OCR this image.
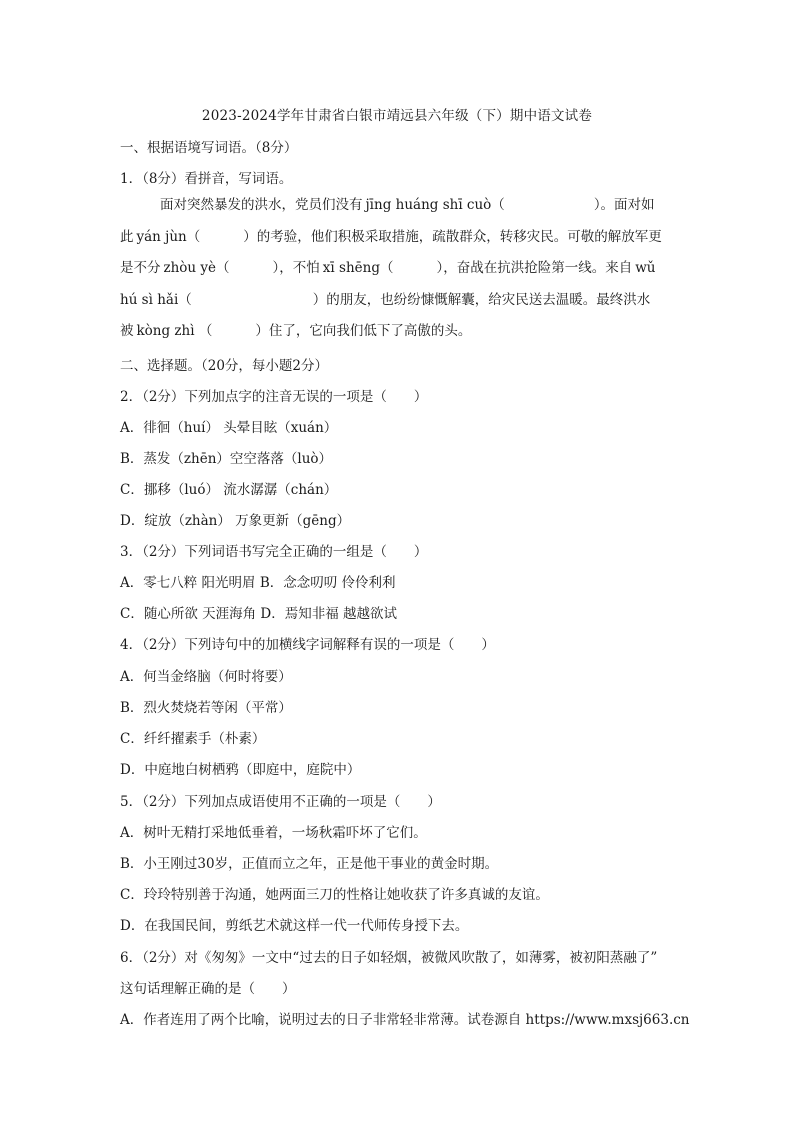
2023-2024学年甘肃省白银市靖远县六年级（下）期中语文试卷
一、根据语境写词语。（8分）
1．（8分）看拼音，写词语。
面对突然暴发的洪水，党员们没有 jīng huáng shī cuò（	）。面对如
此 yán jùn（	）的考验，他们积极采取措施，疏散群众，转移灾民。可敬的解放军更
是不分 zhòu yè（	），不怕 xī shēng（	），奋战在抗洪抢险第一线。来自 wǔ
hú sì hǎi（	）的朋友，也纷纷慷慨解囊，给灾民送去温暖。最终洪水
被 kòng zhì （	）住了，它向我们低下了高傲的头。
二、选择题。（20分，每小题2分）
2．（2分）下列加点字的注音无误的一项是（　　）
A．徘徊（huí） 头晕目眩（xuán）
B．蒸发（zhēn）空空落落（luò）
C．挪移（luó） 流水潺潺（chán）
D．绽放（zhàn） 万象更新（gēng）
3．（2分）下列词语书写完全正确的一组是（　　）
A．零七八粹 阳光明眉 B．念念叨叨 伶伶利利
C．随心所欲 天涯海角 D．焉知非福 越越欲试
4．（2分）下列诗句中的加横线字词解释有误的一项是（　　）
A．何当金络脑（何时将要）
B．烈火焚烧若等闲（平常）
C．纤纤擢素手（朴素）
D．中庭地白树栖鸦（即庭中，庭院中）
5．（2分）下列加点成语使用不正确的一项是（　　）
A．树叶无精打采地低垂着，一场秋霜吓坏了它们。
B．小王刚过30岁，正值而立之年，正是他干事业的黄金时期。
C．玲玲特别善于沟通，她两面三刀的性格让她收获了许多真诚的友谊。
D．在我国民间，剪纸艺术就这样一代一代师传身授下去。
6．（2分）对《匆匆》一文中“过去的日子如轻烟，被微风吹散了，如薄雾，被初阳蒸融了”
这句话理解正确的是（　　）
A．作者连用了两个比喻，说明过去的日子非常轻非常薄。试卷源自 https://www.mxsj663.cn
